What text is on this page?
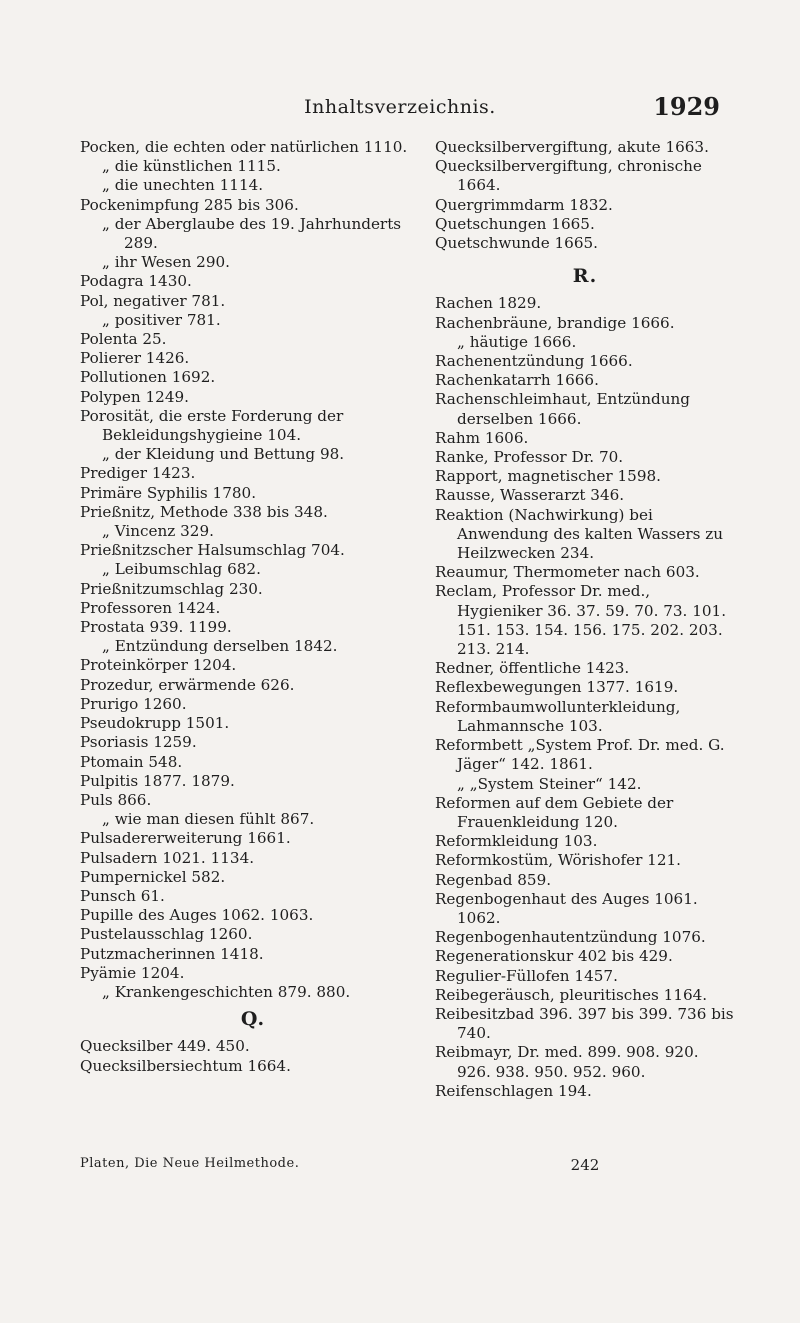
Inhaltsverzeichnis.	1929
Pocken, die echten oder natürlichen 1110.
„ die künstlichen 1115.
„ die unechten 1114.
Pockenimpfung 285 bis 306.
„ der Aberglaube des 19. Jahrhunderts 289.
„ ihr Wesen 290.
Podagra 1430.
Pol, negativer 781.
„ positiver 781.
Polenta 25.
Polierer 1426.
Pollutionen 1692.
Polypen 1249.
Porosität, die erste Forderung der Bekleidungshygieine 104.
„ der Kleidung und Bettung 98.
Prediger 1423.
Primäre Syphilis 1780.
Prießnitz, Methode 338 bis 348.
„ Vincenz 329.
Prießnitzscher Halsumschlag 704.
„ Leibumschlag 682.
Prießnitzumschlag 230.
Professoren 1424.
Prostata 939. 1199.
„ Entzündung derselben 1842.
Proteinkörper 1204.
Prozedur, erwärmende 626.
Prurigo 1260.
Pseudokrupp 1501.
Psoriasis 1259.
Ptomain 548.
Pulpitis 1877. 1879.
Puls 866.
„ wie man diesen fühlt 867.
Pulsadererweiterung 1661.
Pulsadern 1021. 1134.
Pumpernickel 582.
Punsch 61.
Pupille des Auges 1062. 1063.
Pustelausschlag 1260.
Putzmacherinnen 1418.
Pyämie 1204.
„ Krankengeschichten 879. 880.
Q.
Quecksilber 449. 450.
Quecksilbersiechtum 1664.
Quecksilbervergiftung, akute 1663.
Quecksilbervergiftung, chronische 1664.
Quergrimmdarm 1832.
Quetschungen 1665.
Quetschwunde 1665.
R.
Rachen 1829.
Rachenbräune, brandige 1666.
„ häutige 1666.
Rachenentzündung 1666.
Rachenkatarrh 1666.
Rachenschleimhaut, Entzündung derselben 1666.
Rahm 1606.
Ranke, Professor Dr. 70.
Rapport, magnetischer 1598.
Rausse, Wasserarzt 346.
Reaktion (Nachwirkung) bei Anwendung des kalten Wassers zu Heilzwecken 234.
Reaumur, Thermometer nach 603.
Reclam, Professor Dr. med., Hygieniker 36. 37. 59. 70. 73. 101. 151. 153. 154. 156. 175. 202. 203. 213. 214.
Redner, öffentliche 1423.
Reflexbewegungen 1377. 1619.
Reformbaumwollunterkleidung, Lahmannsche 103.
Reformbett „System Prof. Dr. med. G. Jäger“ 142. 1861.
„ „System Steiner“ 142.
Reformen auf dem Gebiete der Frauenkleidung 120.
Reformkleidung 103.
Reformkostüm, Wörishofer 121.
Regenbad 859.
Regenbogenhaut des Auges 1061. 1062.
Regenbogenhautentzündung 1076.
Regenerationskur 402 bis 429.
Regulier-Füllofen 1457.
Reibegeräusch, pleuritisches 1164.
Reibesitzbad 396. 397 bis 399. 736 bis 740.
Reibmayr, Dr. med. 899. 908. 920. 926. 938. 950. 952. 960.
Reifenschlagen 194.
Platen, Die Neue Heilmethode.	242
